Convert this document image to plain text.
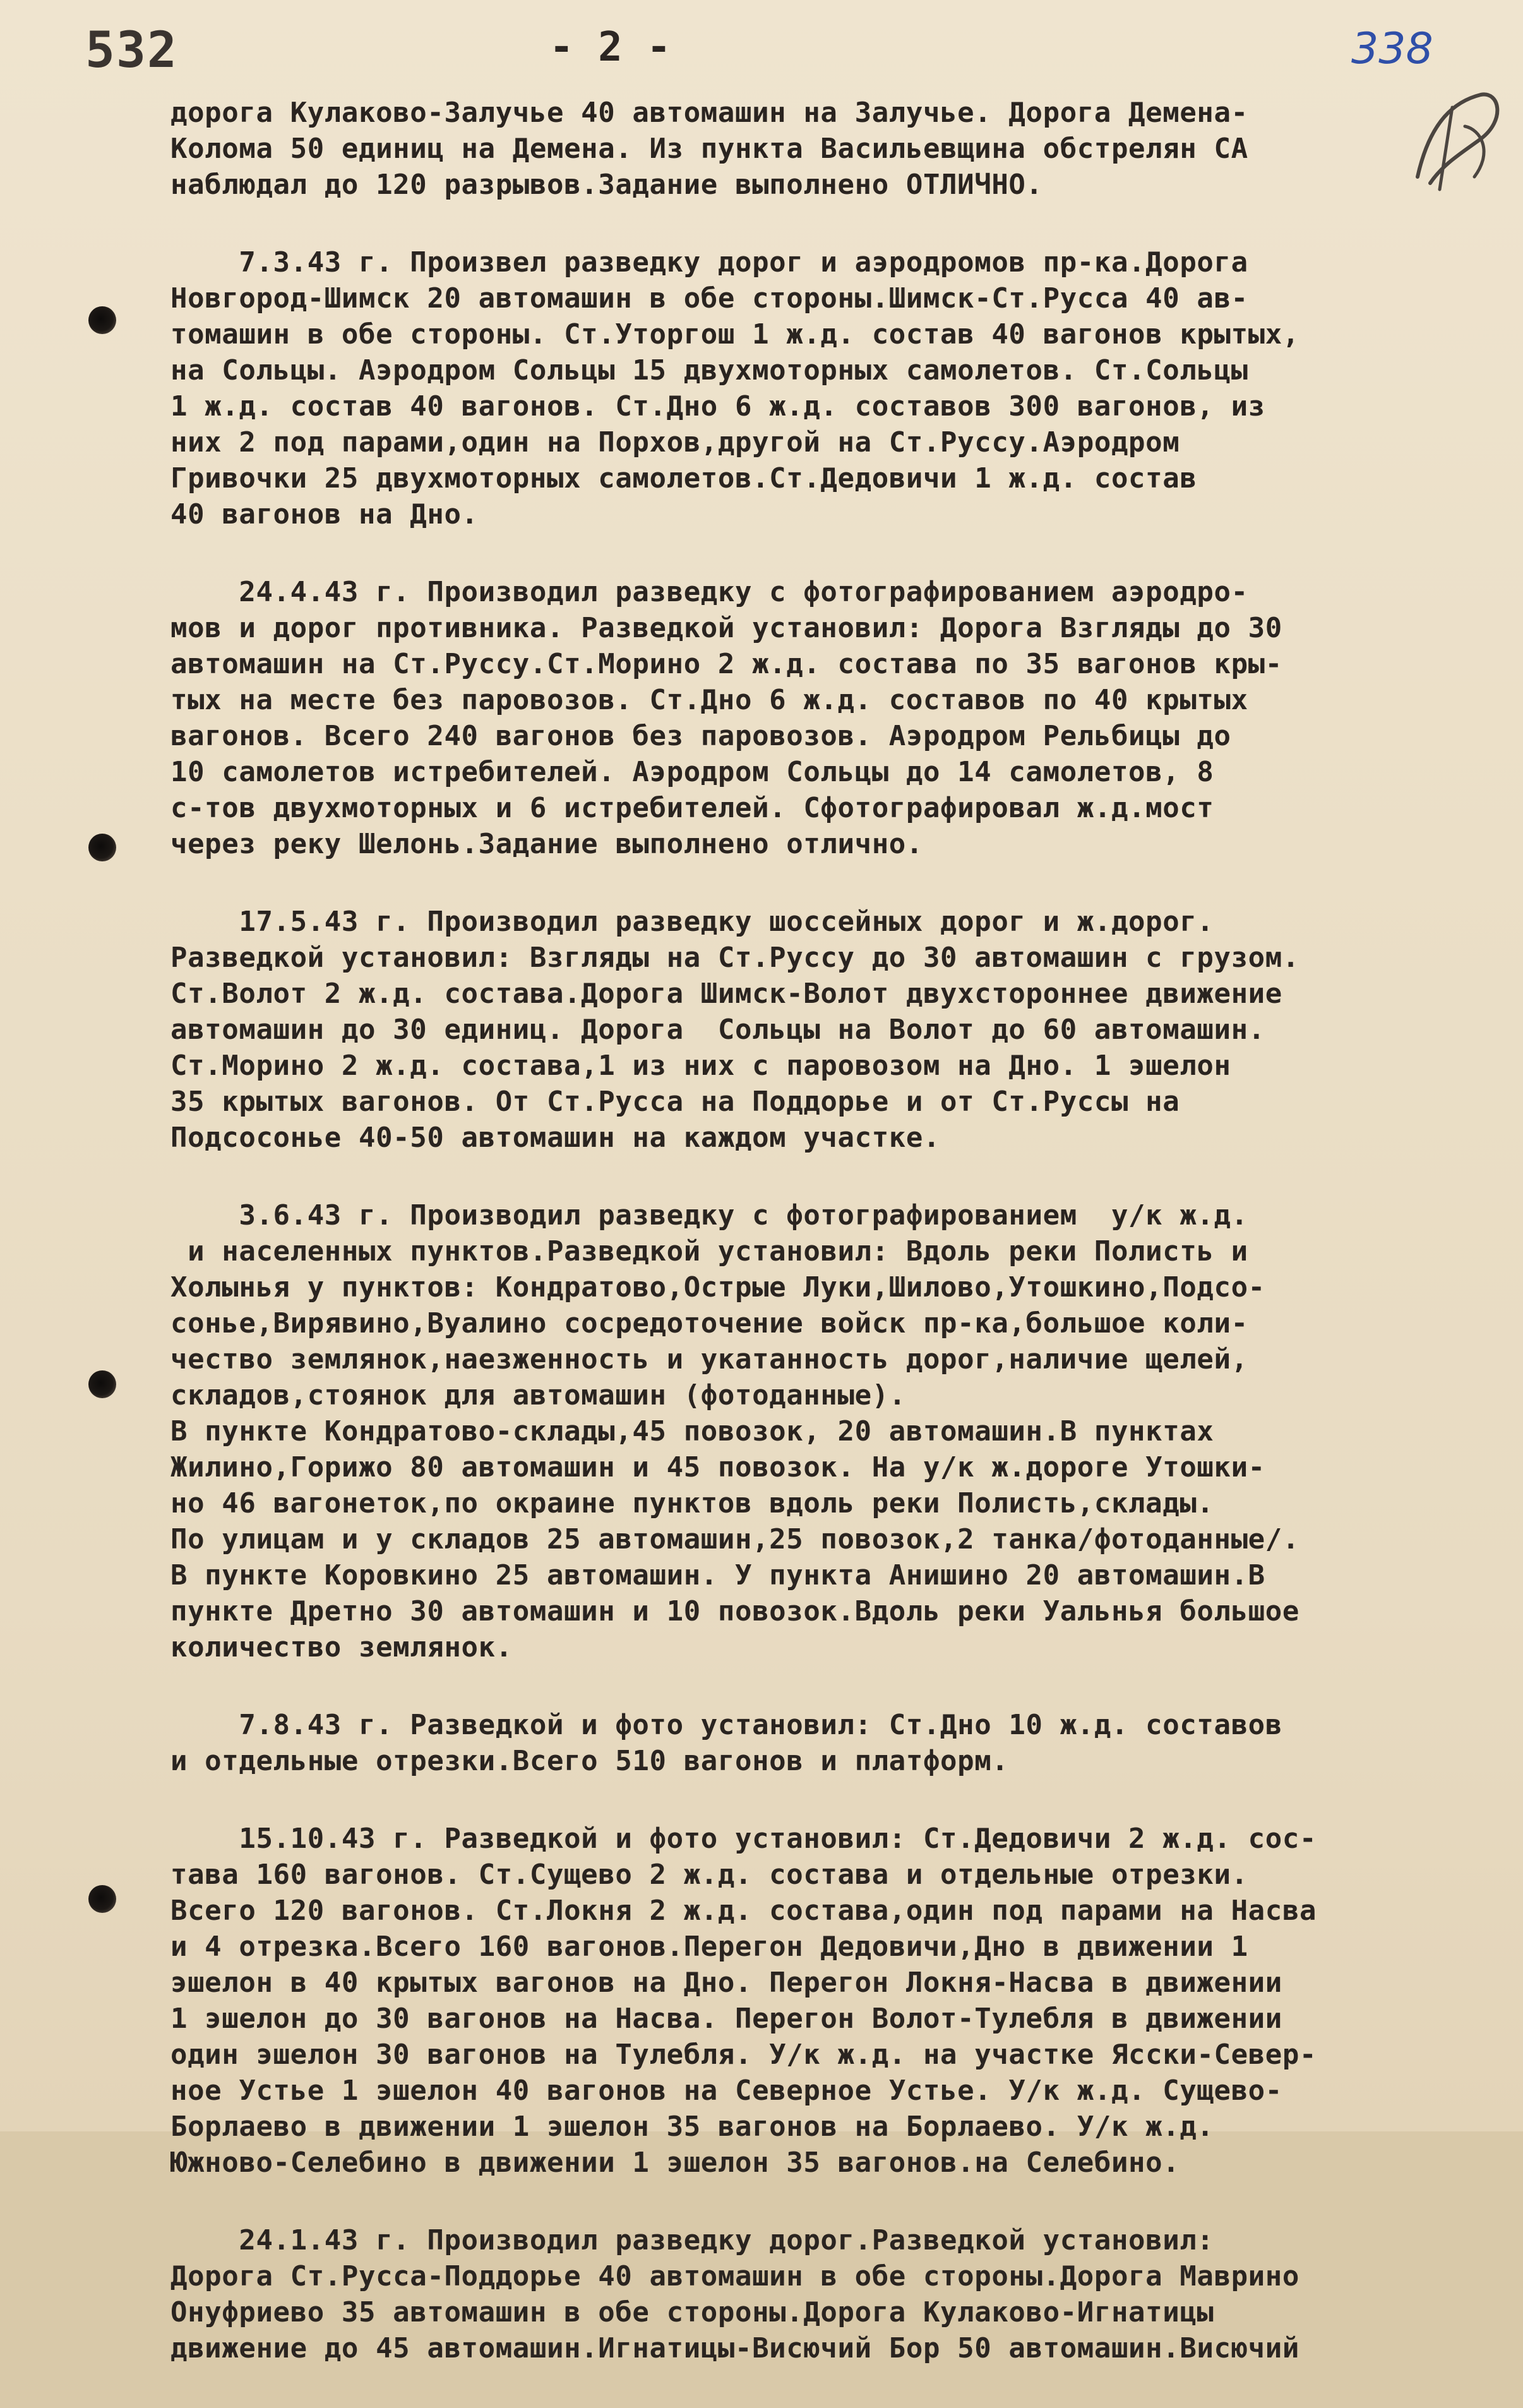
532	- 2 -	338
дорога Кулаково-Залучье 40 автомашин на Залучье. Дорога Демена-
Колома 50 единиц на Демена. Из пункта Васильевщина обстрелян СА
наблюдал до 120 разрывов.Задание выполнено ОТЛИЧНО.
7.3.43 г. Произвел разведку дорог и аэродромов пр-ка.Дорога
Новгород-Шимск 20 автомашин в обе стороны.Шимск-Ст.Русса 40 ав-
томашин в обе стороны. Ст.Уторгош 1 ж.д. состав 40 вагонов крытых,
на Сольцы. Аэродром Сольцы 15 двухмоторных самолетов. Ст.Сольцы
1 ж.д. состав 40 вагонов. Ст.Дно 6 ж.д. составов 300 вагонов, из
них 2 под парами,один на Порхов,другой на Ст.Руссу.Аэродром
Гривочки 25 двухмоторных самолетов.Ст.Дедовичи 1 ж.д. состав
40 вагонов на Дно.
24.4.43 г. Производил разведку с фотографированием аэродро-
мов и дорог противника. Разведкой установил: Дорога Взгляды до 30
автомашин на Ст.Руссу.Ст.Морино 2 ж.д. состава по 35 вагонов кры-
тых на месте без паровозов. Ст.Дно 6 ж.д. составов по 40 крытых
вагонов. Всего 240 вагонов без паровозов. Аэродром Рельбицы до
10 самолетов истребителей. Аэродром Сольцы до 14 самолетов, 8
с-тов двухмоторных и 6 истребителей. Сфотографировал ж.д.мост
через реку Шелонь.Задание выполнено отлично.
17.5.43 г. Производил разведку шоссейных дорог и ж.дорог.
Разведкой установил: Взгляды на Ст.Руссу до 30 автомашин с грузом.
Ст.Волот 2 ж.д. состава.Дорога Шимск-Волот двухстороннее движение
автомашин до 30 единиц. Дорога  Сольцы на Волот до 60 автомашин.
Ст.Морино 2 ж.д. состава,1 из них с паровозом на Дно. 1 эшелон
35 крытых вагонов. От Ст.Русса на Поддорье и от Ст.Руссы на
Подсосонье 40-50 автомашин на каждом участке.
3.6.43 г. Производил разведку с фотографированием  у/к ж.д.
и населенных пунктов.Разведкой установил: Вдоль реки Полисть и
Холынья у пунктов: Кондратово,Острые Луки,Шилово,Утошкино,Подсо-
сонье,Вирявино,Вуалино сосредоточение войск пр-ка,большое коли-
чество землянок,наезженность и укатанность дорог,наличие щелей,
складов,стоянок для автомашин (фотоданные).
В пункте Кондратово-склады,45 повозок, 20 автомашин.В пунктах
Жилино,Горижо 80 автомашин и 45 повозок. На у/к ж.дороге Утошки-
но 46 вагонеток,по окраине пунктов вдоль реки Полисть,склады.
По улицам и у складов 25 автомашин,25 повозок,2 танка/фотоданные/.
В пункте Коровкино 25 автомашин. У пункта Анишино 20 автомашин.В
пункте Дретно 30 автомашин и 10 повозок.Вдоль реки Уальнья большое
количество землянок.
7.8.43 г. Разведкой и фото установил: Ст.Дно 10 ж.д. составов
и отдельные отрезки.Всего 510 вагонов и платформ.
15.10.43 г. Разведкой и фото установил: Ст.Дедовичи 2 ж.д. сос-
тава 160 вагонов. Ст.Сущево 2 ж.д. состава и отдельные отрезки.
Всего 120 вагонов. Ст.Локня 2 ж.д. состава,один под парами на Насва
и 4 отрезка.Всего 160 вагонов.Перегон Дедовичи,Дно в движении 1
эшелон в 40 крытых вагонов на Дно. Перегон Локня-Насва в движении
1 эшелон до 30 вагонов на Насва. Перегон Волот-Тулебля в движении
один эшелон 30 вагонов на Тулебля. У/к ж.д. на участке Ясски-Север-
ное Устье 1 эшелон 40 вагонов на Северное Устье. У/к ж.д. Сущево-
Борлаево в движении 1 эшелон 35 вагонов на Борлаево. У/к ж.д.
Южново-Селебино в движении 1 эшелон 35 вагонов.на Селебино.
24.1.43 г. Производил разведку дорог.Разведкой установил:
Дорога Ст.Русса-Поддорье 40 автомашин в обе стороны.Дорога Маврино
Онуфриево 35 автомашин в обе стороны.Дорога Кулаково-Игнатицы
движение до 45 автомашин.Игнатицы-Висючий Бор 50 автомашин.Висючий
